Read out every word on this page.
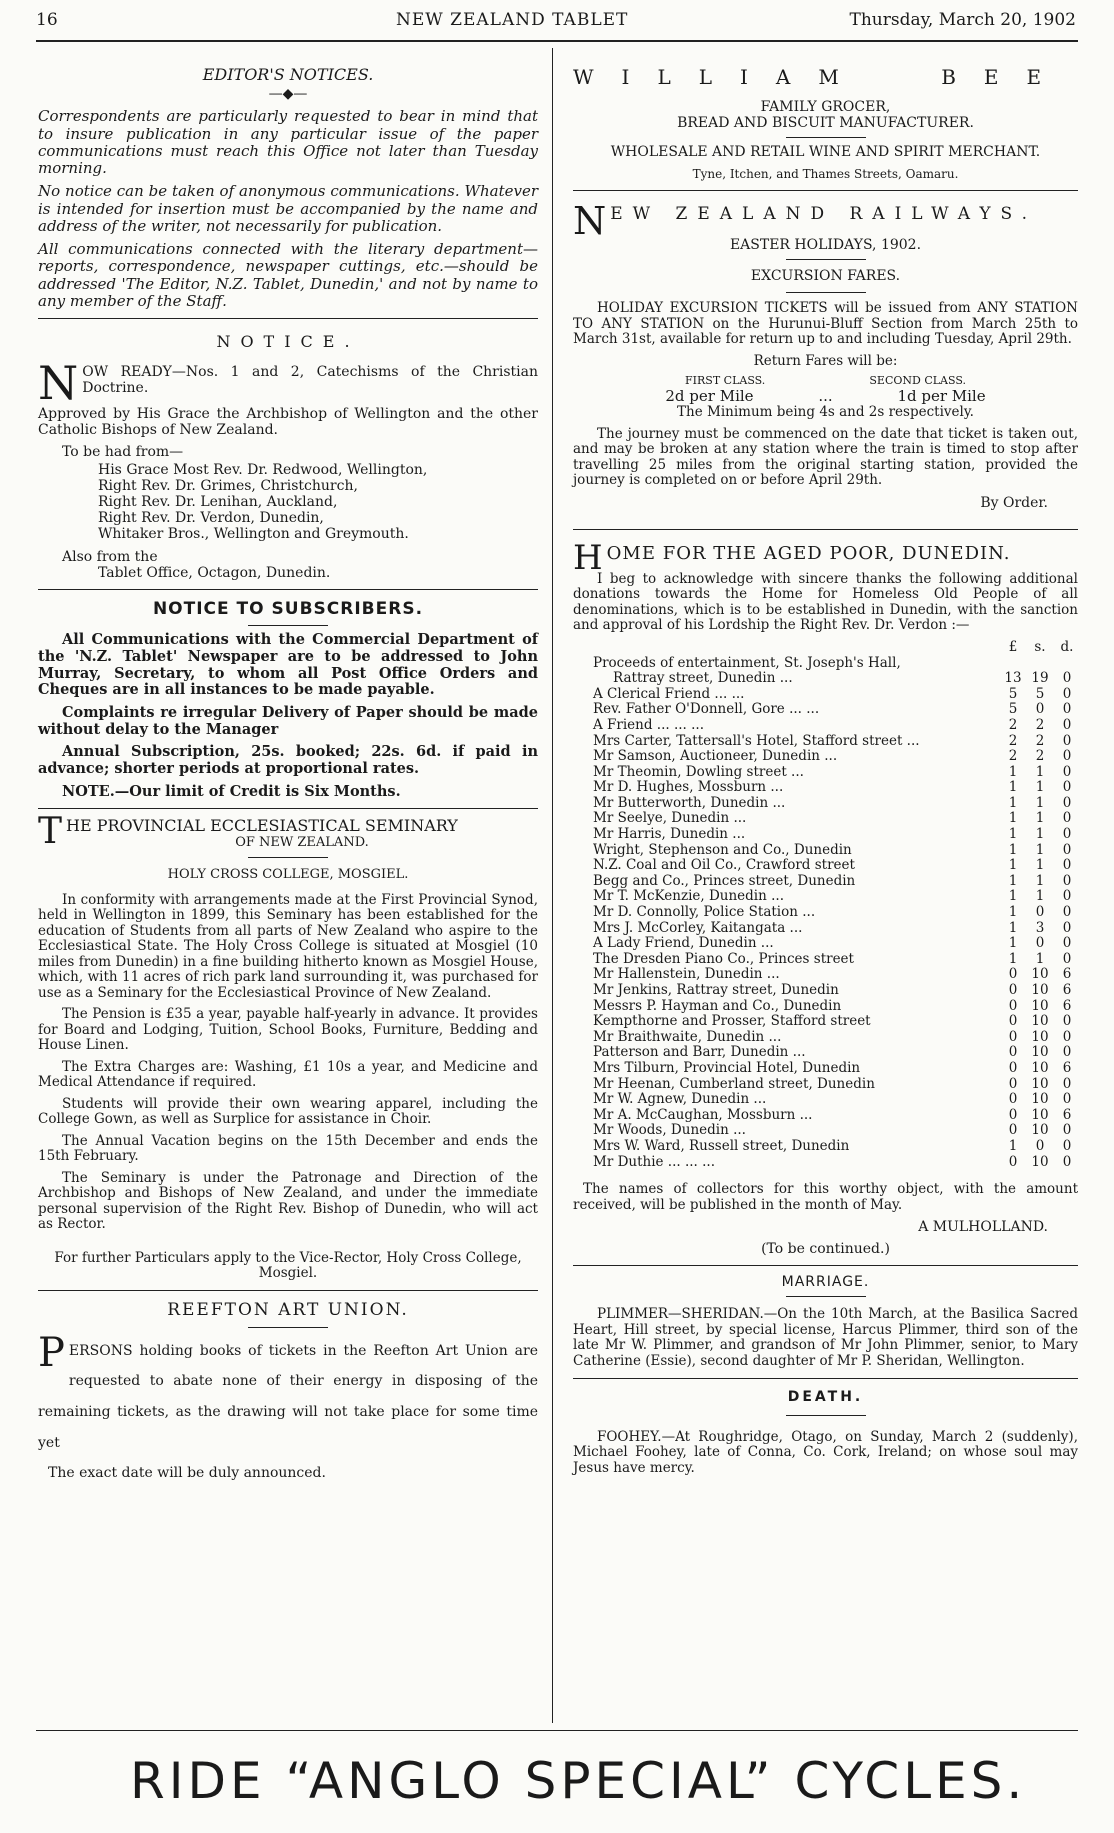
16	NEW ZEALAND TABLET	Thursday, March 20, 1902
EDITOR'S NOTICES.
—◆—

Correspondents are particularly requested to bear in mind that to insure publication in any particular issue of the paper communications must reach this Office not later than Tuesday morning.

No notice can be taken of anonymous communications. Whatever is intended for insertion must be accompanied by the name and address of the writer, not necessarily for publication.

All communications connected with the literary department—reports, correspondence, newspaper cuttings, etc.—should be addressed 'The Editor, N.Z. Tablet, Dunedin,' and not by name to any member of the Staff.

NOTICE.

NOW READY—Nos. 1 and 2, Catechisms of the Christian Doctrine.

Approved by His Grace the Archbishop of Wellington and the other Catholic Bishops of New Zealand.

To be had from—

His Grace Most Rev. Dr. Redwood, Wellington,
Right Rev. Dr. Grimes, Christchurch,
Right Rev. Dr. Lenihan, Auckland,
Right Rev. Dr. Verdon, Dunedin,
Whitaker Bros., Wellington and Greymouth.

Also from the

Tablet Office, Octagon, Dunedin.

NOTICE TO SUBSCRIBERS.

All Communications with the Commercial Department of the 'N.Z. Tablet' Newspaper are to be addressed to John Murray, Secretary, to whom all Post Office Orders and Cheques are in all instances to be made payable.

Complaints re irregular Delivery of Paper should be made without delay to the Manager

Annual Subscription, 25s. booked; 22s. 6d. if paid in advance; shorter periods at proportional rates.

NOTE.—Our limit of Credit is Six Months.

THE PROVINCIAL ECCLESIASTICAL SEMINARY
OF NEW ZEALAND.
HOLY CROSS COLLEGE, MOSGIEL.

In conformity with arrangements made at the First Provincial Synod, held in Wellington in 1899, this Seminary has been established for the education of Students from all parts of New Zealand who aspire to the Ecclesiastical State. The Holy Cross College is situated at Mosgiel (10 miles from Dunedin) in a fine building hitherto known as Mosgiel House, which, with 11 acres of rich park land surrounding it, was purchased for use as a Seminary for the Ecclesiastical Province of New Zealand.

The Pension is £35 a year, payable half-yearly in advance. It provides for Board and Lodging, Tuition, School Books, Furniture, Bedding and House Linen.

The Extra Charges are: Washing, £1 10s a year, and Medicine and Medical Attendance if required.

Students will provide their own wearing apparel, including the College Gown, as well as Surplice for assistance in Choir.

The Annual Vacation begins on the 15th December and ends the 15th February.

The Seminary is under the Patronage and Direction of the Archbishop and Bishops of New Zealand, and under the immediate personal supervision of the Right Rev. Bishop of Dunedin, who will act as Rector.

For further Particulars apply to the Vice-Rector, Holy Cross College, Mosgiel.

REEFTON ART UNION.

PERSONS holding books of tickets in the Reefton Art Union are requested to abate none of their energy in disposing of the remaining tickets, as the drawing will not take place for some time yet

The exact date will be duly announced.

WILLIAM BEE
FAMILY GROCER,
BREAD AND BISCUIT MANUFACTURER.
WHOLESALE AND RETAIL WINE AND SPIRIT MERCHANT.
Tyne, Itchen, and Thames Streets, Oamaru.
NEW ZEALAND RAILWAYS.
EASTER HOLIDAYS, 1902.
EXCURSION FARES.

HOLIDAY EXCURSION TICKETS will be issued from ANY STATION TO ANY STATION on the Hurunui-Bluff Section from March 25th to March 31st, available for return up to and including Tuesday, April 29th.

Return Fares will be:

FIRST CLASS.	SECOND CLASS.
2d per Mile	...	1d per Mile

The Minimum being 4s and 2s respectively.

The journey must be commenced on the date that ticket is taken out, and may be broken at any station where the train is timed to stop after travelling 25 miles from the original starting station, provided the journey is completed on or before April 29th.

By Order.

HOME FOR THE AGED POOR, DUNEDIN.

I beg to acknowledge with sincere thanks the following additional donations towards the Home for Homeless Old People of all denominations, which is to be established in Dunedin, with the sanction and approval of his Lordship the Right Rev. Dr. Verdon :—

£	s.	d.
Proceeds of entertainment, St. Joseph's Hall,
Rattray street, Dunedin ...	13 19	0
A Clerical Friend ... ...	5	5	0
Rev. Father O'Donnell, Gore ... ...	5	0	0
A Friend ... ... ...	2	2	0
Mrs Carter, Tattersall's Hotel, Stafford street ...	2	2	0
Mr Samson, Auctioneer, Dunedin ...	2	2	0
Mr Theomin, Dowling street ...	1	1	0
Mr D. Hughes, Mossburn ...	1	1	0
Mr Butterworth, Dunedin ...	1	1	0
Mr Seelye, Dunedin ...	1	1	0
Mr Harris, Dunedin ...	1	1	0
Wright, Stephenson and Co., Dunedin	1	1	0
N.Z. Coal and Oil Co., Crawford street	1	1	0
Begg and Co., Princes street, Dunedin	1	1	0
Mr T. McKenzie, Dunedin ...	1	1	0
Mr D. Connolly, Police Station ...	1	0	0
Mrs J. McCorley, Kaitangata ...	1	3	0
A Lady Friend, Dunedin ...	1	0	0
The Dresden Piano Co., Princes street	1	1	0
Mr Hallenstein, Dunedin ...	0	10	6
Mr Jenkins, Rattray street, Dunedin	0	10	6
Messrs P. Hayman and Co., Dunedin	0	10	6
Kempthorne and Prosser, Stafford street	0	10	0
Mr Braithwaite, Dunedin ...	0	10	0
Patterson and Barr, Dunedin ...	0	10	0
Mrs Tilburn, Provincial Hotel, Dunedin	0	10	6
Mr Heenan, Cumberland street, Dunedin	0	10	0
Mr W. Agnew, Dunedin ...	0	10	0
Mr A. McCaughan, Mossburn ...	0	10	6
Mr Woods, Dunedin ...	0	10	0
Mrs W. Ward, Russell street, Dunedin	1	0	0
Mr Duthie ... ... ...	0	10	0

The names of collectors for this worthy object, with the amount received, will be published in the month of May.

A MULHOLLAND.

(To be continued.)

MARRIAGE.

PLIMMER—SHERIDAN.—On the 10th March, at the Basilica Sacred Heart, Hill street, by special license, Harcus Plimmer, third son of the late Mr W. Plimmer, and grandson of Mr John Plimmer, senior, to Mary Catherine (Essie), second daughter of Mr P. Sheridan, Wellington.

DEATH.

FOOHEY.—At Roughridge, Otago, on Sunday, March 2 (suddenly), Michael Foohey, late of Conna, Co. Cork, Ireland; on whose soul may Jesus have mercy.

RIDE “ANGLO SPECIAL” CYCLES.
